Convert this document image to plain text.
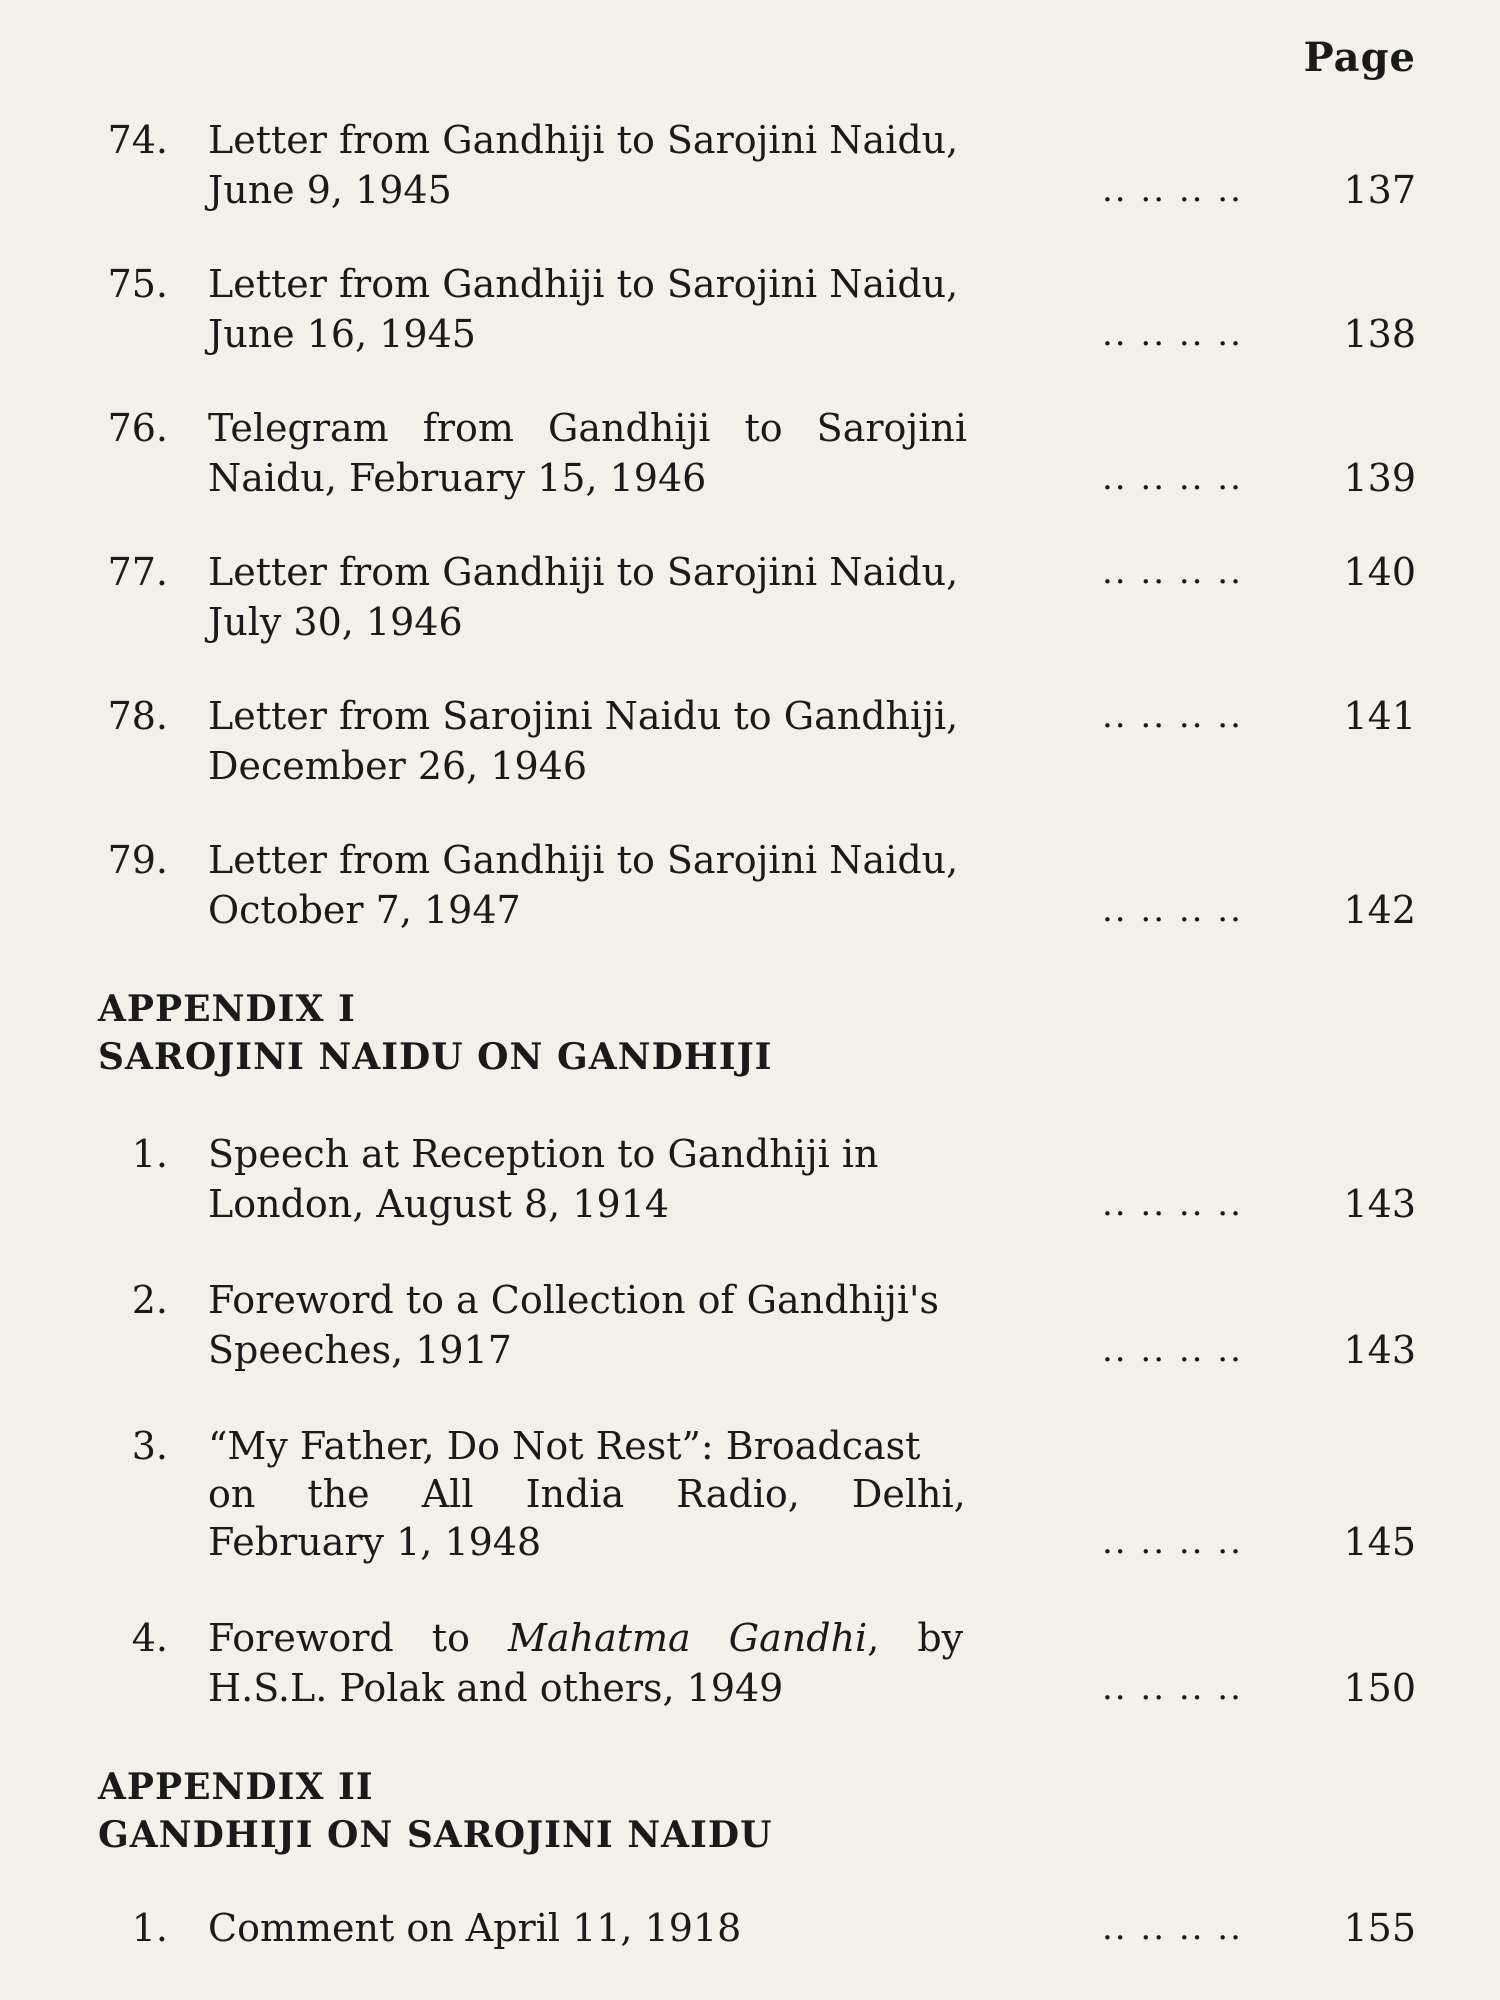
Page
74. Letter from Gandhiji to Sarojini Naidu,
June 9, 1945	.. .. .. ..	137
75. Letter from Gandhiji to Sarojini Naidu,
June 16, 1945	.. .. .. ..	138
76. Telegram from Gandhiji to Sarojini
Naidu, February 15, 1946	.. .. .. ..	139
77. Letter from Gandhiji to Sarojini Naidu,	.. .. .. ..	140
July 30, 1946
78. Letter from Sarojini Naidu to Gandhiji,	.. .. .. ..	141
December 26, 1946
79. Letter from Gandhiji to Sarojini Naidu,
October 7, 1947	.. .. .. ..	142
APPENDIX I
SAROJINI NAIDU ON GANDHIJI
1. Speech at Reception to Gandhiji in
London, August 8, 1914	.. .. .. ..	143
2. Foreword to a Collection of Gandhiji's
Speeches, 1917	.. .. .. ..	143
3. “My Father, Do Not Rest”: Broadcast
on the All India Radio, Delhi,
February 1, 1948	.. .. .. ..	145
4. Foreword to Mahatma Gandhi, by
H.S.L. Polak and others, 1949	.. .. .. ..	150
APPENDIX II
GANDHIJI ON SAROJINI NAIDU
1. Comment on April 11, 1918	.. .. .. ..	155
